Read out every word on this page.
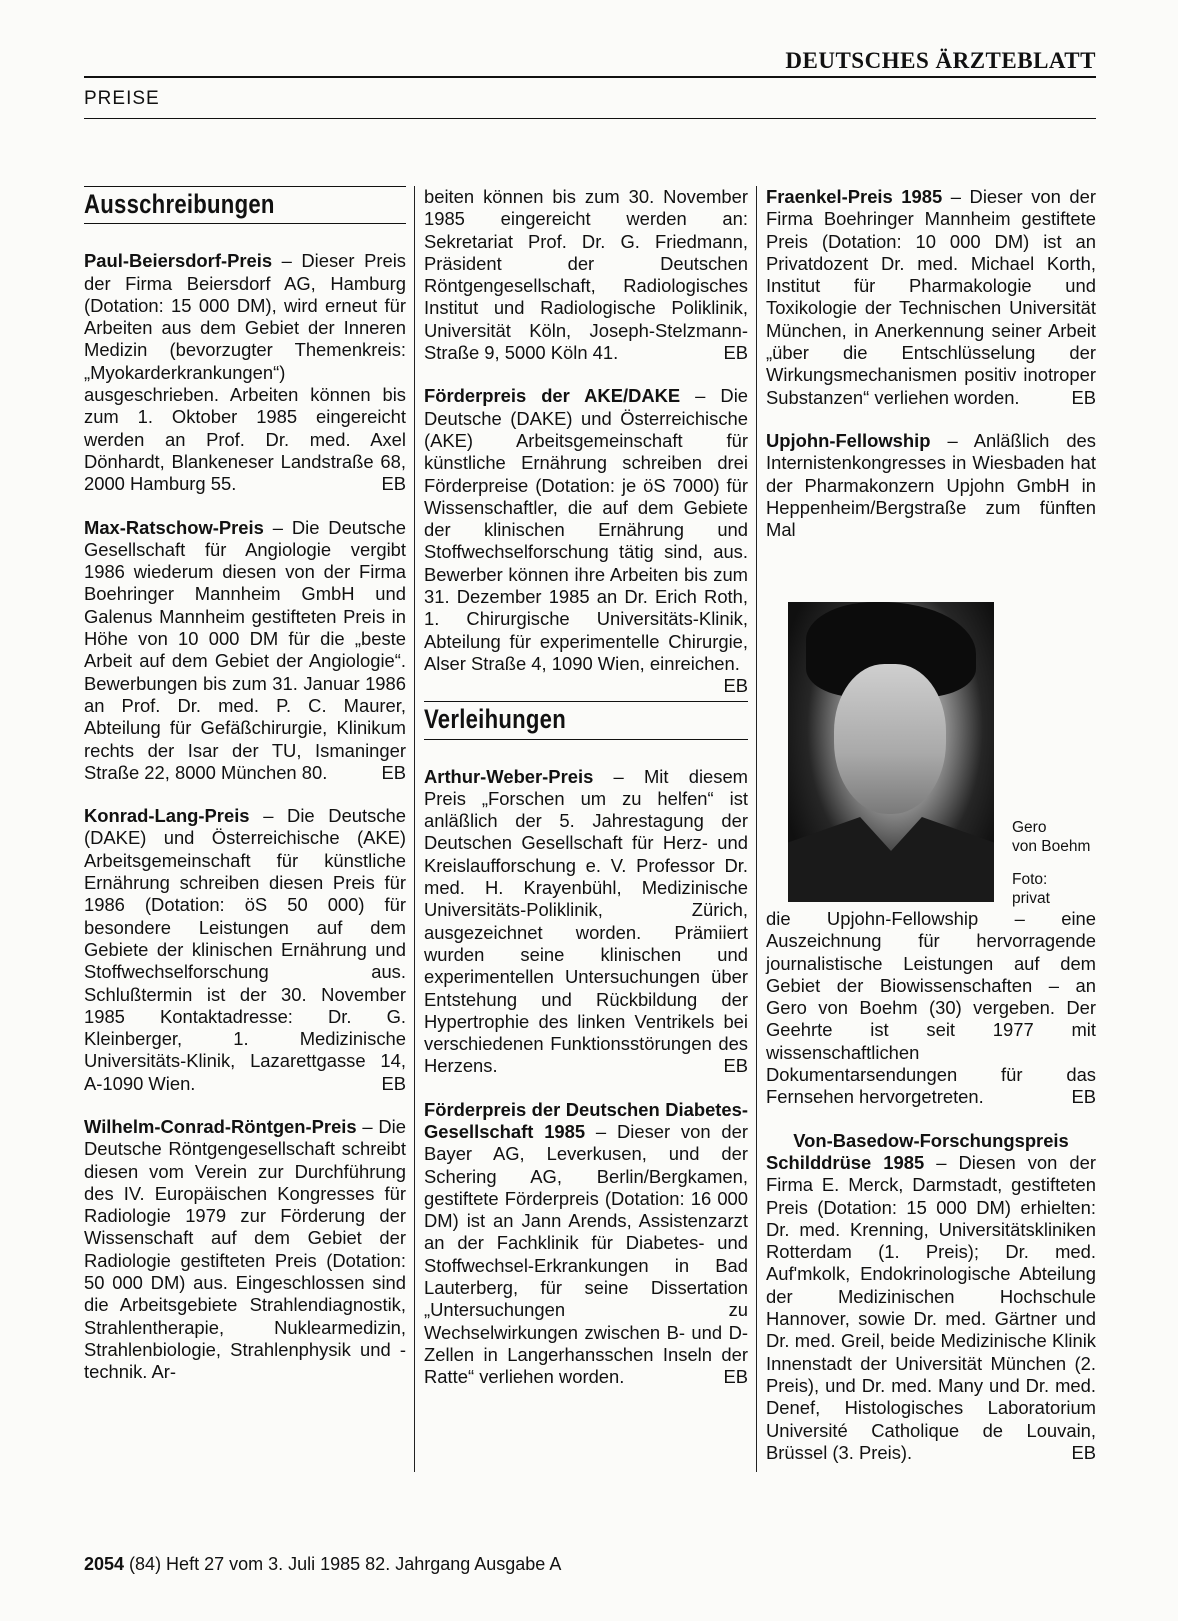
DEUTSCHES ÄRZTEBLATT
PREISE
Ausschreibungen

Paul-Beiersdorf-Preis – Dieser Preis der Firma Beiersdorf AG, Hamburg (Dotation: 15 000 DM), wird erneut für Arbeiten aus dem Gebiet der Inneren Medizin (bevorzugter Themenkreis: „Myokarderkrankungen“) ausgeschrieben. Arbeiten können bis zum 1. Oktober 1985 eingereicht werden an Prof. Dr. med. Axel Dönhardt, Blankeneser Landstraße 68, 2000 Hamburg 55.	EB

Max-Ratschow-Preis – Die Deutsche Gesellschaft für Angiologie vergibt 1986 wiederum diesen von der Firma Boehringer Mannheim GmbH und Galenus Mannheim gestifteten Preis in Höhe von 10 000 DM für die „beste Arbeit auf dem Gebiet der Angiologie“. Bewerbungen bis zum 31. Januar 1986 an Prof. Dr. med. P. C. Maurer, Abteilung für Gefäßchirurgie, Klinikum rechts der Isar der TU, Ismaninger Straße 22, 8000 München 80.	EB

Konrad-Lang-Preis – Die Deutsche (DAKE) und Österreichische (AKE) Arbeitsgemeinschaft für künstliche Ernährung schreiben diesen Preis für 1986 (Dotation: öS 50 000) für besondere Leistungen auf dem Gebiete der klinischen Ernährung und Stoffwechselforschung aus. Schlußtermin ist der 30. November 1985 Kontaktadresse: Dr. G. Kleinberger, 1. Medizinische Universitäts-Klinik, Lazarettgasse 14, A-1090 Wien.	EB

Wilhelm-Conrad-Röntgen-Preis – Die Deutsche Röntgengesellschaft schreibt diesen vom Verein zur Durchführung des IV. Europäischen Kongresses für Radiologie 1979 zur Förderung der Wissenschaft auf dem Gebiet der Radiologie gestifteten Preis (Dotation: 50 000 DM) aus. Eingeschlossen sind die Arbeitsgebiete Strahlendiagnostik, Strahlentherapie, Nuklearmedizin, Strahlenbiologie, Strahlenphysik und -technik. Ar-

beiten können bis zum 30. November 1985 eingereicht werden an: Sekretariat Prof. Dr. G. Friedmann, Präsident der Deutschen Röntgengesellschaft, Radiologisches Institut und Radiologische Poliklinik, Universität Köln, Joseph-Stelzmann-Straße 9, 5000 Köln 41.	EB

Förderpreis der AKE/DAKE – Die Deutsche (DAKE) und Österreichische (AKE) Arbeitsgemeinschaft für künstliche Ernährung schreiben drei Förderpreise (Dotation: je öS 7000) für Wissenschaftler, die auf dem Gebiete der klinischen Ernährung und Stoffwechselforschung tätig sind, aus. Bewerber können ihre Arbeiten bis zum 31. Dezember 1985 an Dr. Erich Roth, 1. Chirurgische Universitäts-Klinik, Abteilung für experimentelle Chirurgie, Alser Straße 4, 1090 Wien, einreichen.
EB

Verleihungen

Arthur-Weber-Preis – Mit diesem Preis „Forschen um zu helfen“ ist anläßlich der 5. Jahrestagung der Deutschen Gesellschaft für Herz- und Kreislaufforschung e. V. Professor Dr. med. H. Krayenbühl, Medizinische Universitäts-Poliklinik, Zürich, ausgezeichnet worden. Prämiiert wurden seine klinischen und experimentellen Untersuchungen über Entstehung und Rückbildung der Hypertrophie des linken Ventrikels bei verschiedenen Funktionsstörungen des Herzens.	EB

Förderpreis der Deutschen Diabetes-Gesellschaft 1985 – Dieser von der Bayer AG, Leverkusen, und der Schering AG, Berlin/Bergkamen, gestiftete Förderpreis (Dotation: 16 000 DM) ist an Jann Arends, Assistenzarzt an der Fachklinik für Diabetes- und Stoffwechsel-Erkrankungen in Bad Lauterberg, für seine Dissertation „Untersuchungen zu Wechselwirkungen zwischen B- und D-Zellen in Langerhansschen Inseln der Ratte“ verliehen worden.	EB

Fraenkel-Preis 1985 – Dieser von der Firma Boehringer Mannheim gestiftete Preis (Dotation: 10 000 DM) ist an Privatdozent Dr. med. Michael Korth, Institut für Pharmakologie und Toxikologie der Technischen Universität München, in Anerkennung seiner Arbeit „über die Entschlüsselung der Wirkungsmechanismen positiv inotroper Substanzen“ verliehen worden.	EB

Upjohn-Fellowship – Anläßlich des Internistenkongresses in Wiesbaden hat der Pharmakonzern Upjohn GmbH in Heppenheim/Bergstraße zum fünften Mal

Gero
von Boehm
Foto:
privat

die Upjohn-Fellowship – eine Auszeichnung für hervorragende journalistische Leistungen auf dem Gebiet der Biowissenschaften – an Gero von Boehm (30) vergeben. Der Geehrte ist seit 1977 mit wissenschaftlichen Dokumentarsendungen für das Fernsehen hervorgetreten.	EB

Von-Basedow-Forschungspreis
Schilddrüse 1985 – Diesen von der Firma E. Merck, Darmstadt, gestifteten Preis (Dotation: 15 000 DM) erhielten: Dr. med. Krenning, Universitätskliniken Rotterdam (1. Preis); Dr. med. Auf'mkolk, Endokrinologische Abteilung der Medizinischen Hochschule Hannover, sowie Dr. med. Gärtner und Dr. med. Greil, beide Medizinische Klinik Innenstadt der Universität München (2. Preis), und Dr. med. Many und Dr. med. Denef, Histologisches Laboratorium Université Catholique de Louvain, Brüssel (3. Preis).	EB

2054 (84) Heft 27 vom 3. Juli 1985 82. Jahrgang Ausgabe A
